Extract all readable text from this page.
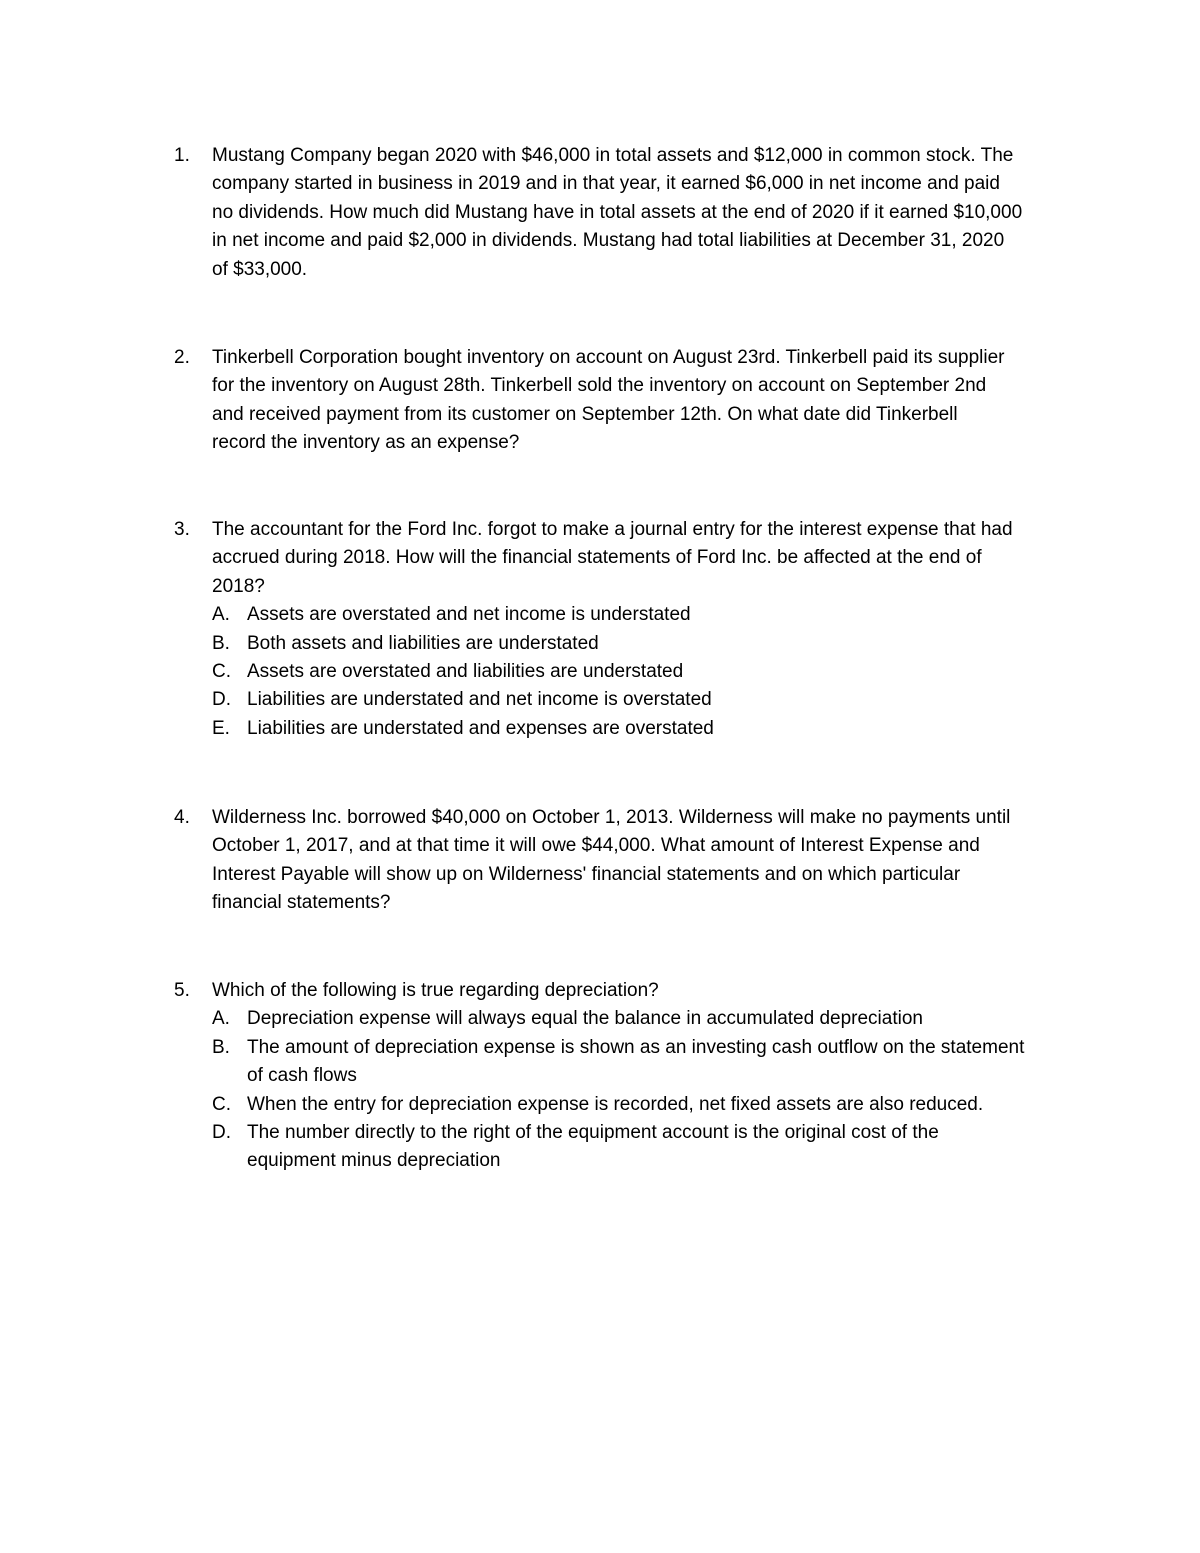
1.	Mustang Company began 2020 with $46,000 in total assets and $12,000 in common stock. The
company started in business in 2019 and in that year, it earned $6,000 in net income and paid
no dividends. How much did Mustang have in total assets at the end of 2020 if it earned $10,000
in net income and paid $2,000 in dividends. Mustang had total liabilities at December 31, 2020
of $33,000.
2.	Tinkerbell Corporation bought inventory on account on August 23rd. Tinkerbell paid its supplier
for the inventory on August 28th. Tinkerbell sold the inventory on account on September 2nd
and received payment from its customer on September 12th. On what date did Tinkerbell
record the inventory as an expense?
3.	The accountant for the Ford Inc. forgot to make a journal entry for the interest expense that had
accrued during 2018. How will the financial statements of Ford Inc. be affected at the end of
2018?
A. Assets are overstated and net income is understated
B. Both assets and liabilities are understated
C. Assets are overstated and liabilities are understated
D. Liabilities are understated and net income is overstated
E. Liabilities are understated and expenses are overstated
4.	Wilderness Inc. borrowed $40,000 on October 1, 2013. Wilderness will make no payments until
October 1, 2017, and at that time it will owe $44,000. What amount of Interest Expense and
Interest Payable will show up on Wilderness' financial statements and on which particular
financial statements?
5.	Which of the following is true regarding depreciation?
A. Depreciation expense will always equal the balance in accumulated depreciation
B. The amount of depreciation expense is shown as an investing cash outflow on the statement
of cash flows
C. When the entry for depreciation expense is recorded, net fixed assets are also reduced.
D. The number directly to the right of the equipment account is the original cost of the
equipment minus depreciation
